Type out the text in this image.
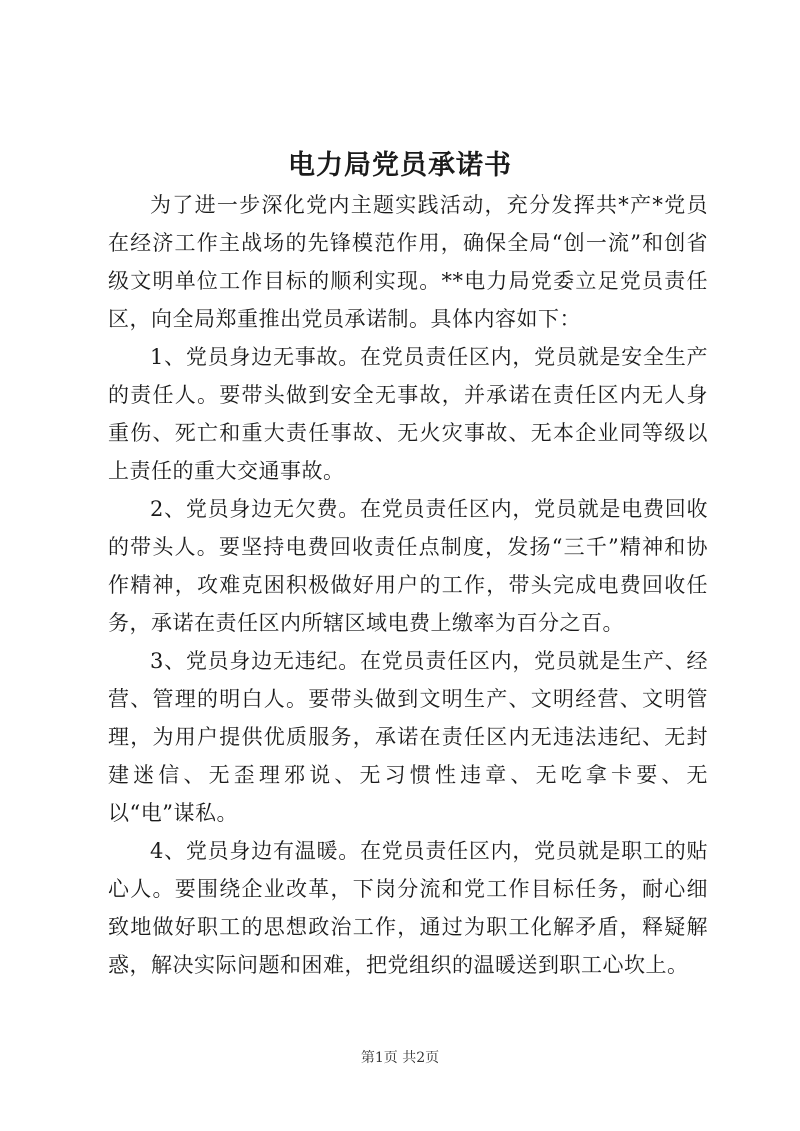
电力局党员承诺书

为了进一步深化党内主题实践活动，充分发挥共*产*党员在经济工作主战场的先锋模范作用，确保全局“创一流”和创省级文明单位工作目标的顺利实现。**电力局党委立足党员责任区，向全局郑重推出党员承诺制。具体内容如下：

1、党员身边无事故。在党员责任区内，党员就是安全生产的责任人。要带头做到安全无事故，并承诺在责任区内无人身重伤、死亡和重大责任事故、无火灾事故、无本企业同等级以上责任的重大交通事故。

2、党员身边无欠费。在党员责任区内，党员就是电费回收的带头人。要坚持电费回收责任点制度，发扬“三千”精神和协作精神，攻难克困积极做好用户的工作，带头完成电费回收任务，承诺在责任区内所辖区域电费上缴率为百分之百。

3、党员身边无违纪。在党员责任区内，党员就是生产、经营、管理的明白人。要带头做到文明生产、文明经营、文明管理，为用户提供优质服务，承诺在责任区内无违法违纪、无封建迷信、无歪理邪说、无习惯性违章、无吃拿卡要、无以“电”谋私。

4、党员身边有温暖。在党员责任区内，党员就是职工的贴心人。要围绕企业改革，下岗分流和党工作目标任务，耐心细致地做好职工的思想政治工作，通过为职工化解矛盾，释疑解惑，解决实际问题和困难，把党组织的温暖送到职工心坎上。

第1页 共2页
